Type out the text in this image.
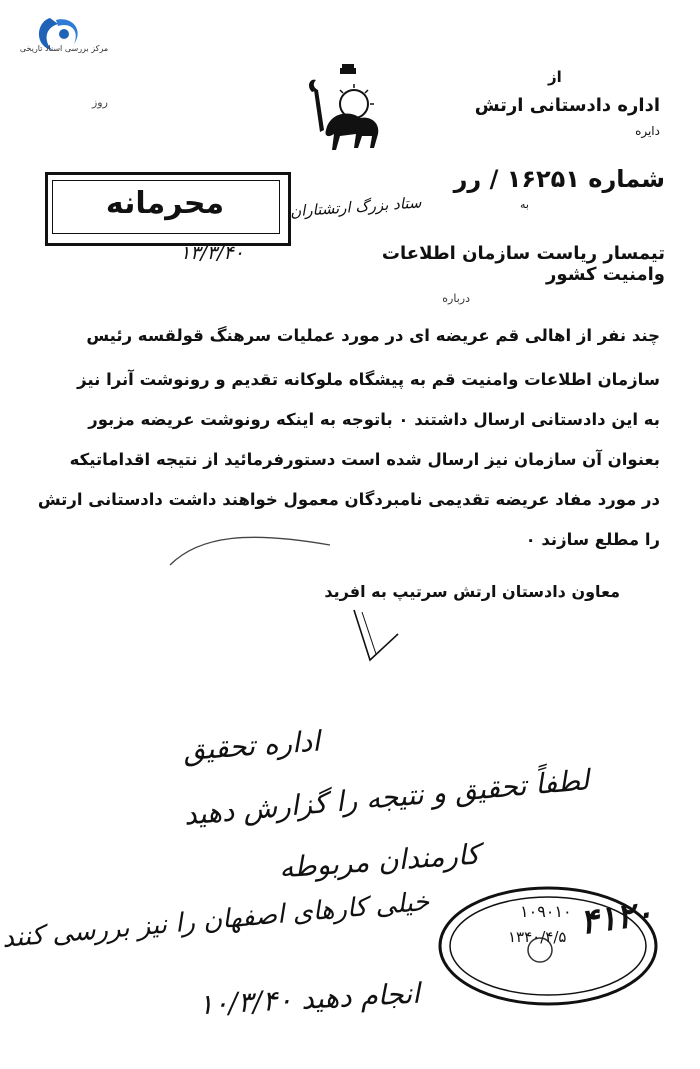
مرکز بررسی اسناد تاریخی
از
اداره دادستانی ارتش
دایره
شماره ۱۶۲۵۱ / رر
به
روز
محرمانه	ستاد بزرگ ارتشتاران
۱۳/۳/۴۰	تیمسار ریاست سازمان اطلاعات وامنیت کشور
درباره
چند نفر از اهالی قم عریضه ای در مورد عملیات سرهنگ قولقسه رئیس
سازمان اطلاعات وامنیت قم به پیشگاه ملوکانه تقدیم و رونوشت آنرا نیز
به این دادستانی ارسال داشتند ٠ باتوجه به اینکه رونوشت عریضه مزبور
بعنوان آن سازمان نیز ارسال شده است دستورفرمائید از نتیجه اقداماتیکه
در مورد مفاد عریضه تقدیمی نامبردگان معمول خواهند داشت دادستانی ارتش
را مطلع سازند ٠
معاون دادستان ارتش سرتیپ به افرید
اداره تحقیق
لطفاً تحقیق و نتیجه را گزارش دهید
کارمندان مربوطه
خیلی کارهای اصفهان را نیز بررسی کنند
انجام دهید ۱۰/۳/۴۰
۱۰۹۰۱۰
۱۳۴۰/۴/۵ ۴۱۲۰
